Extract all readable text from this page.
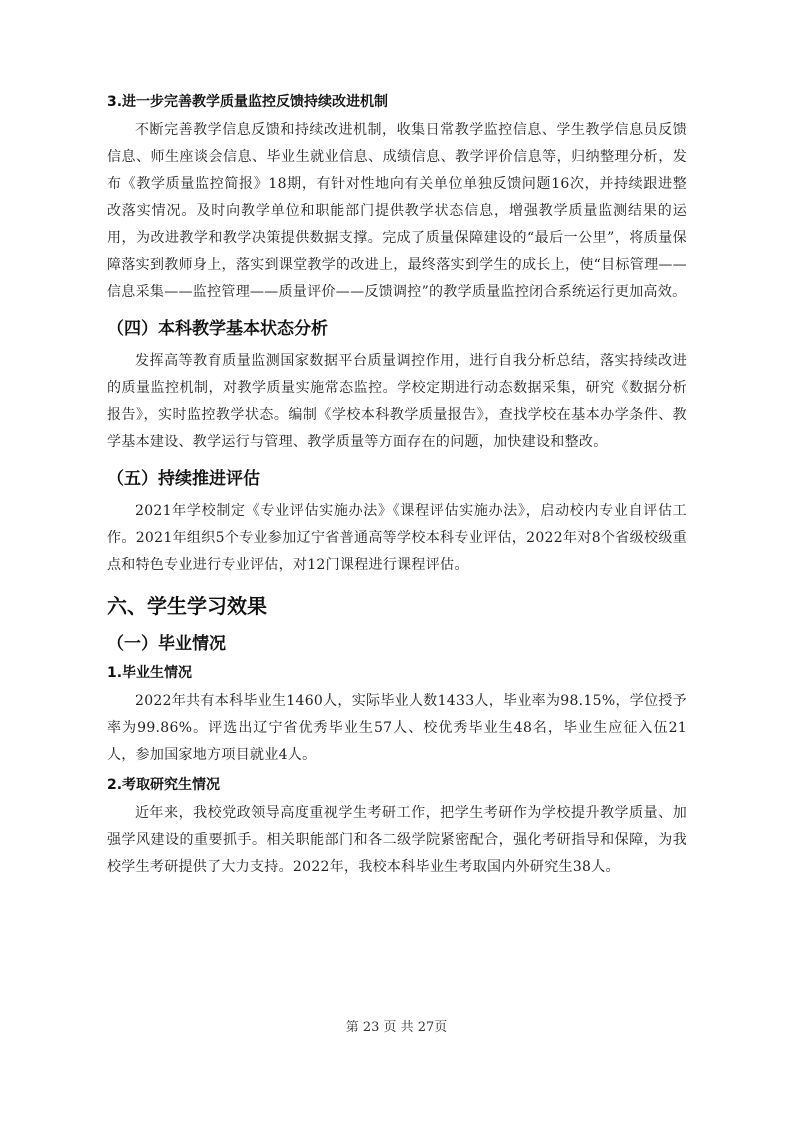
3.进一步完善教学质量监控反馈持续改进机制

不断完善教学信息反馈和持续改进机制，收集日常教学监控信息、学生教学信息员反馈信息、师生座谈会信息、毕业生就业信息、成绩信息、教学评价信息等，归纳整理分析，发布《教学质量监控简报》18期，有针对性地向有关单位单独反馈问题16次，并持续跟进整改落实情况。及时向教学单位和职能部门提供教学状态信息，增强教学质量监测结果的运用，为改进教学和教学决策提供数据支撑。完成了质量保障建设的“最后一公里”，将质量保障落实到教师身上，落实到课堂教学的改进上，最终落实到学生的成长上，使“目标管理——信息采集——监控管理——质量评价——反馈调控”的教学质量监控闭合系统运行更加高效。

（四）本科教学基本状态分析

发挥高等教育质量监测国家数据平台质量调控作用，进行自我分析总结，落实持续改进的质量监控机制，对教学质量实施常态监控。学校定期进行动态数据采集，研究《数据分析报告》，实时监控教学状态。编制《学校本科教学质量报告》，查找学校在基本办学条件、教学基本建设、教学运行与管理、教学质量等方面存在的问题，加快建设和整改。

（五）持续推进评估

2021年学校制定《专业评估实施办法》《课程评估实施办法》，启动校内专业自评估工作。2021年组织5个专业参加辽宁省普通高等学校本科专业评估，2022年对8个省级校级重点和特色专业进行专业评估，对12门课程进行课程评估。

六、学生学习效果
（一）毕业情况
1.毕业生情况

2022年共有本科毕业生1460人，实际毕业人数1433人，毕业率为98.15%，学位授予率为99.86%。评选出辽宁省优秀毕业生57人、校优秀毕业生48名，毕业生应征入伍21人，参加国家地方项目就业4人。

2.考取研究生情况

近年来，我校党政领导高度重视学生考研工作，把学生考研作为学校提升教学质量、加强学风建设的重要抓手。相关职能部门和各二级学院紧密配合，强化考研指导和保障，为我校学生考研提供了大力支持。2022年，我校本科毕业生考取国内外研究生38人。

第 23 页 共 27页
